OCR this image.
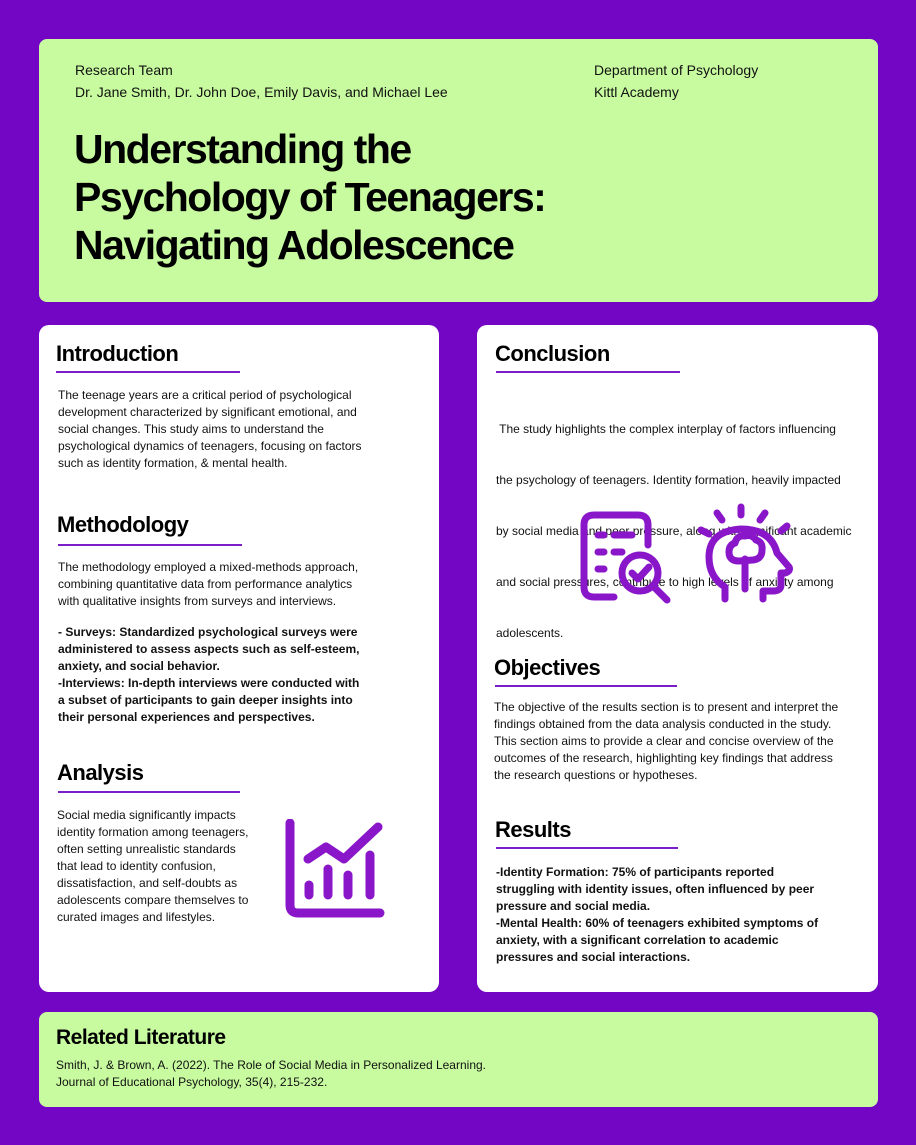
Research Team
Dr. Jane Smith, Dr. John Doe, Emily Davis, and Michael Lee
Department of Psychology
Kittl Academy
Understanding the
Psychology of Teenagers:
Navigating Adolescence
Introduction
The teenage years are a critical period of psychological
development characterized by significant emotional, and
social changes. This study aims to understand the
psychological dynamics of teenagers, focusing on factors
such as identity formation, & mental health.
Methodology
The methodology employed a mixed-methods approach,
combining quantitative data from performance analytics
with qualitative insights from surveys and interviews.
- Surveys: Standardized psychological surveys were
administered to assess aspects such as self-esteem,
anxiety, and social behavior.
-Interviews: In-depth interviews were conducted with
a subset of participants to gain deeper insights into
their personal experiences and perspectives.
Analysis
Social media significantly impacts
identity formation among teenagers,
often setting unrealistic standards
that lead to identity confusion,
dissatisfaction, and self-doubts as
adolescents compare themselves to
curated images and lifestyles.
Conclusion

The study highlights the complex interplay of factors influencing

the psychology of teenagers. Identity formation, heavily impacted

by social media and peer pressure, along with significant academic

and social pressures, contribute to high levels of anxiety among

adolescents.

Objectives
The objective of the results section is to present and interpret the
findings obtained from the data analysis conducted in the study.
This section aims to provide a clear and concise overview of the
outcomes of the research, highlighting key findings that address
the research questions or hypotheses.
Results
-Identity Formation: 75% of participants reported
struggling with identity issues, often influenced by peer
pressure and social media.
-Mental Health: 60% of teenagers exhibited symptoms of
anxiety, with a significant correlation to academic
pressures and social interactions.
Related Literature
Smith, J. & Brown, A. (2022). The Role of Social Media in Personalized Learning.
Journal of Educational Psychology, 35(4), 215-232.
